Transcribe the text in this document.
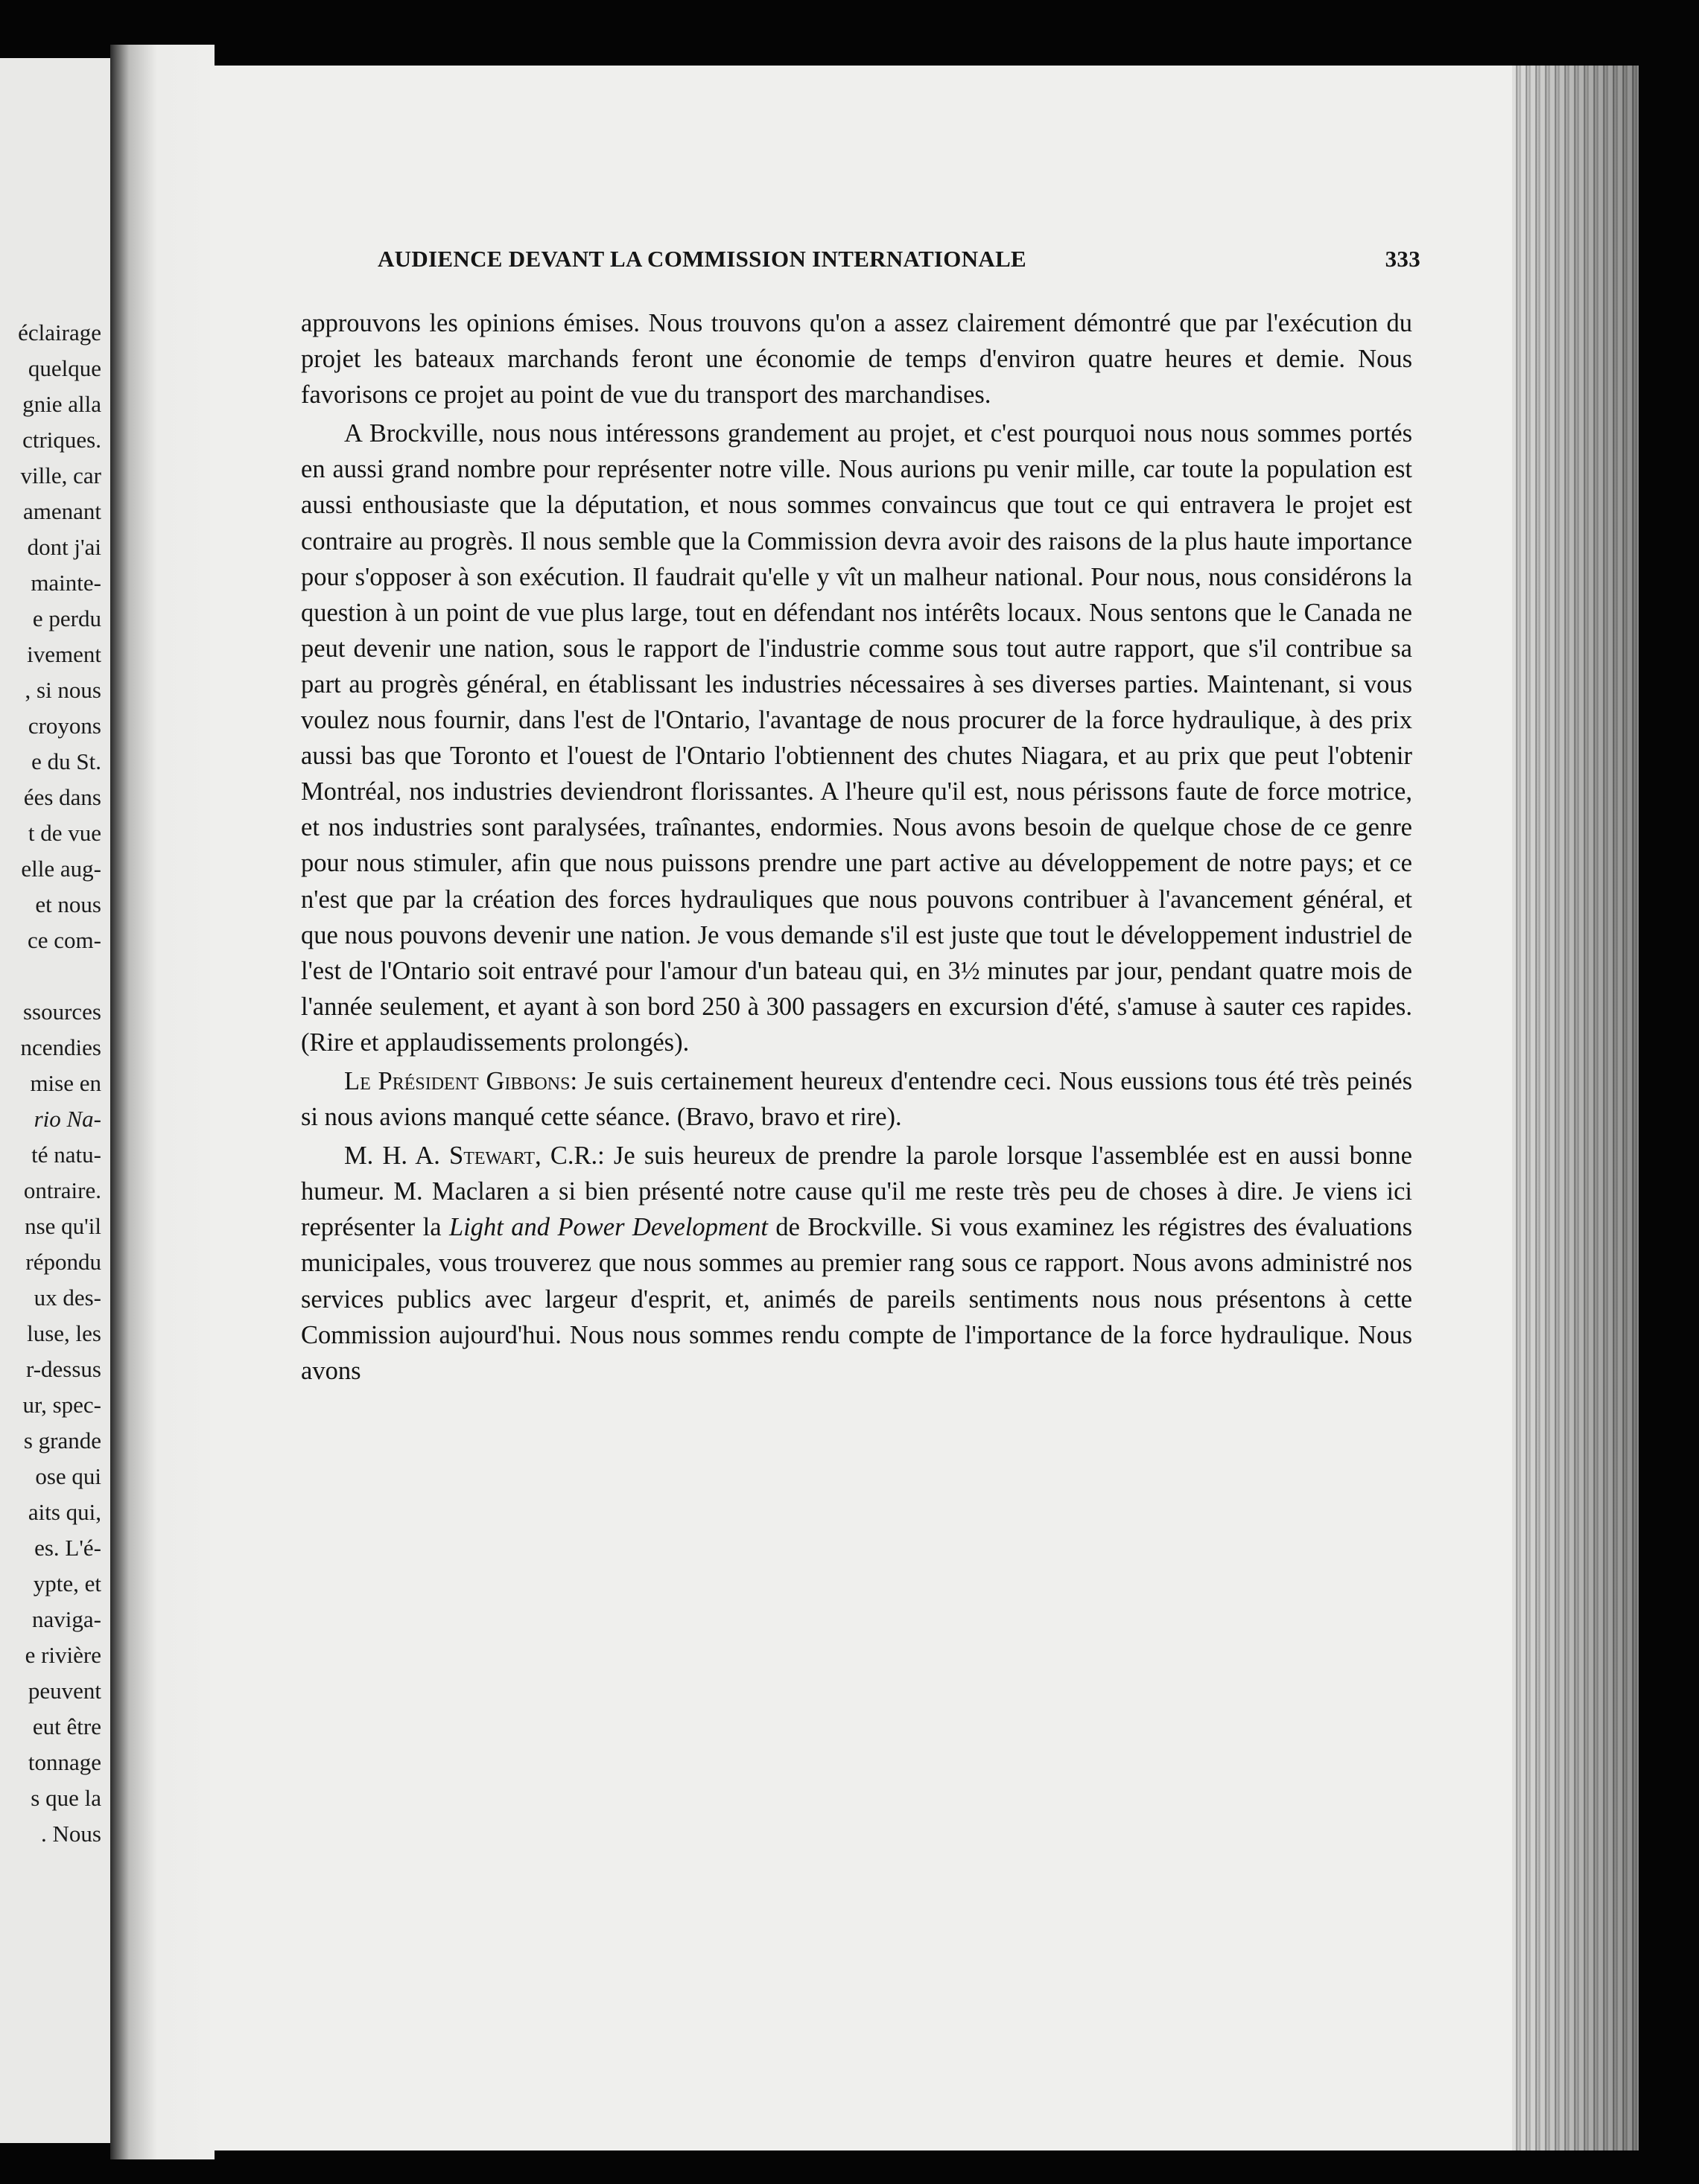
éclairage
quelque
gnie alla
ctriques.
ville, car
amenant
dont j'ai
mainte-
e perdu
ivement
, si nous
croyons
e du St.
ées dans
t de vue
elle aug-
et nous
ce com-
ssources
ncendies
mise en
rio Na-
té natu-
ontraire.
nse qu'il
répondu
ux des-
luse, les
r-dessus
ur, spec-
s grande
ose qui
aits qui,
es. L'é-
ypte, et
naviga-
e rivière
peuvent
eut être
tonnage
s que la
. Nous
AUDIENCE DEVANT LA COMMISSION INTERNATIONALE	333

approuvons les opinions émises. Nous trouvons qu'on a assez clairement démontré que par l'exécution du projet les bateaux marchands feront une économie de temps d'environ quatre heures et demie. Nous favorisons ce projet au point de vue du transport des marchandises.

A Brockville, nous nous intéressons grandement au projet, et c'est pourquoi nous nous sommes portés en aussi grand nombre pour représenter notre ville. Nous aurions pu venir mille, car toute la population est aussi enthousiaste que la députation, et nous sommes convaincus que tout ce qui entravera le projet est contraire au progrès. Il nous semble que la Commission devra avoir des raisons de la plus haute importance pour s'opposer à son exécution. Il faudrait qu'elle y vît un malheur national. Pour nous, nous considérons la question à un point de vue plus large, tout en défendant nos intérêts locaux. Nous sentons que le Canada ne peut devenir une nation, sous le rapport de l'industrie comme sous tout autre rapport, que s'il contribue sa part au progrès général, en établissant les industries nécessaires à ses diverses parties. Maintenant, si vous voulez nous fournir, dans l'est de l'Ontario, l'avantage de nous procurer de la force hydraulique, à des prix aussi bas que Toronto et l'ouest de l'Ontario l'obtiennent des chutes Niagara, et au prix que peut l'obtenir Montréal, nos industries deviendront florissantes. A l'heure qu'il est, nous périssons faute de force motrice, et nos industries sont paralysées, traînantes, endormies. Nous avons besoin de quelque chose de ce genre pour nous stimuler, afin que nous puissons prendre une part active au développement de notre pays; et ce n'est que par la création des forces hydrauliques que nous pouvons contribuer à l'avancement général, et que nous pouvons devenir une nation. Je vous demande s'il est juste que tout le développement industriel de l'est de l'Ontario soit entravé pour l'amour d'un bateau qui, en 3½ minutes par jour, pendant quatre mois de l'année seulement, et ayant à son bord 250 à 300 passagers en excursion d'été, s'amuse à sauter ces rapides. (Rire et applaudissements prolongés).

Le Président Gibbons: Je suis certainement heureux d'entendre ceci. Nous eussions tous été très peinés si nous avions manqué cette séance. (Bravo, bravo et rire).

M. H. A. Stewart, C.R.: Je suis heureux de prendre la parole lorsque l'assemblée est en aussi bonne humeur. M. Maclaren a si bien présenté notre cause qu'il me reste très peu de choses à dire. Je viens ici représenter la Light and Power Development de Brockville. Si vous examinez les régistres des évaluations municipales, vous trouverez que nous sommes au premier rang sous ce rapport. Nous avons administré nos services publics avec largeur d'esprit, et, animés de pareils sentiments nous nous présentons à cette Commission aujourd'hui. Nous nous sommes rendu compte de l'importance de la force hydraulique. Nous avons
